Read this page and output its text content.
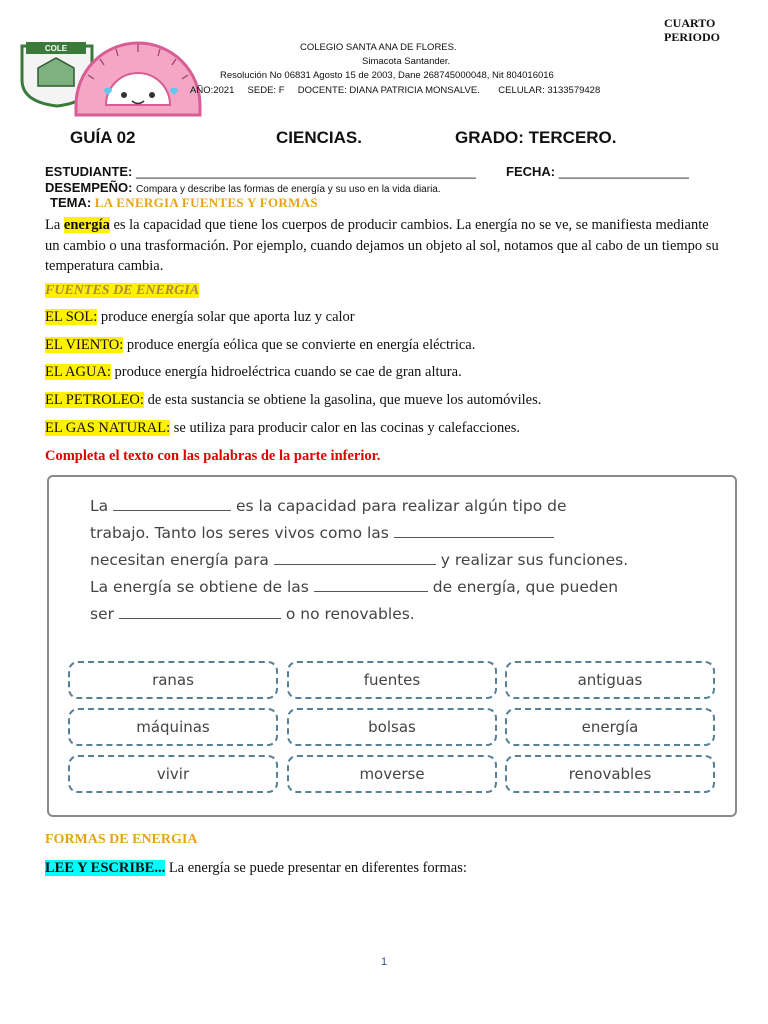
COLE	COLEGIO SANTA ANA DE FLORES.
Simacota Santander.
Resolución No 06831 Agosto 15 de 2003, Dane 268745000048, Nit 804016016
AÑO:2021     SEDE: F     DOCENTE: DIANA PATRICIA MONSALVE.       CELULAR: 3133579428
CUARTO PERIODO
GUÍA 02	CIENCIAS.	GRADO: TERCERO.
ESTUDIANTE: _______________________________________________ FECHA: __________________
DESEMPEÑO: Compara y describe las formas de energía y su uso en la vida diaria.
TEMA: LA ENERGIA FUENTES Y FORMAS
La energía es la capacidad que tiene los cuerpos de producir cambios. La energía no se ve, se manifiesta mediante un cambio o una trasformación. Por ejemplo, cuando dejamos un objeto al sol, notamos que al cabo de un tiempo su temperatura cambia.
FUENTES DE ENERGIA
EL SOL: produce energía solar que aporta luz y calor
EL VIENTO: produce energía eólica que se convierte en energía eléctrica.
EL AGUA: produce energía hidroeléctrica cuando se cae de gran altura.
EL PETROLEO: de esta sustancia se obtiene la gasolina, que mueve los automóviles.
EL GAS NATURAL: se utiliza para producir calor en las cocinas y calefacciones.
Completa el texto con las palabras de la parte inferior.
La	es la capacidad para realizar algún tipo de
trabajo. Tanto los seres vivos como las
necesitan energía para	y realizar sus funciones.
La energía se obtiene de las	de energía, que pueden
ser	o no renovables.
ranas	fuentes	antiguas
máquinas	bolsas	energía
vivir	moverse	renovables
FORMAS DE ENERGIA
LEE Y ESCRIBE... La energía se puede presentar en diferentes formas:
1
